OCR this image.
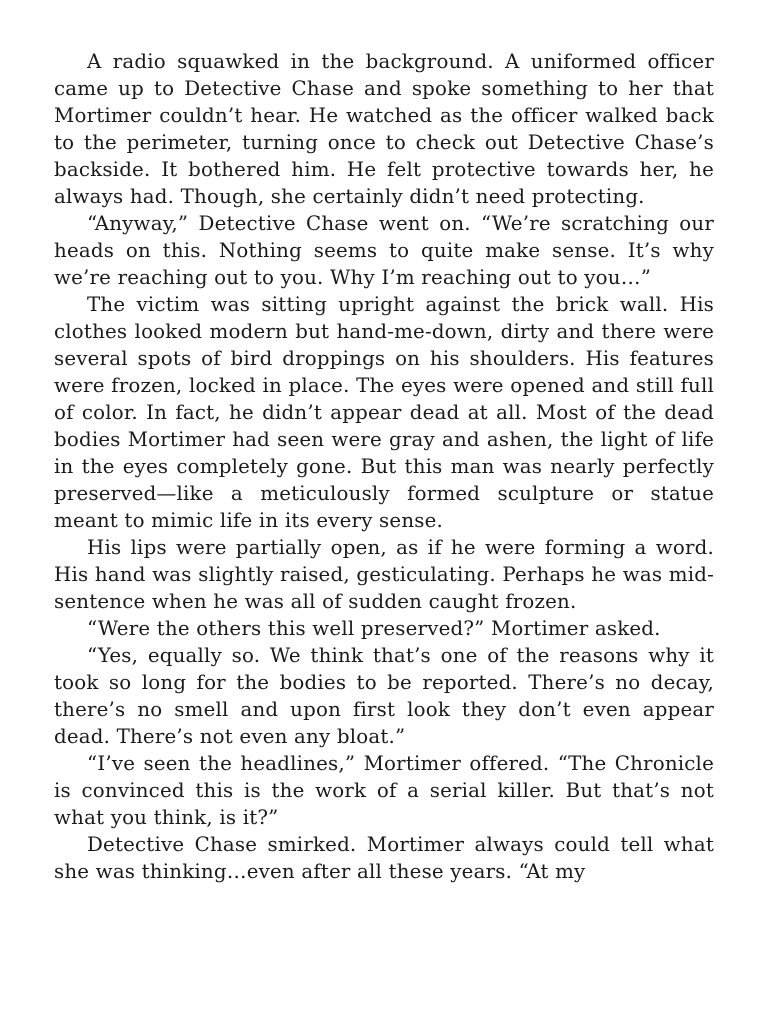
A radio squawked in the background. A uniformed officer came up to Detective Chase and spoke something to her that Mortimer couldn’t hear. He watched as the officer walked back to the perimeter, turning once to check out Detective Chase’s backside. It bothered him. He felt protective towards her, he always had. Though, she certainly didn’t need protecting.

“Anyway,” Detective Chase went on. “We’re scratching our heads on this. Nothing seems to quite make sense. It’s why we’re reaching out to you. Why I’m reaching out to you…”

The victim was sitting upright against the brick wall. His clothes looked modern but hand-me-down, dirty and there were several spots of bird droppings on his shoulders. His features were frozen, locked in place. The eyes were opened and still full of color. In fact, he didn’t appear dead at all. Most of the dead bodies Mortimer had seen were gray and ashen, the light of life in the eyes completely gone. But this man was nearly perfectly preserved—like a meticulously formed sculpture or statue meant to mimic life in its every sense.

His lips were partially open, as if he were forming a word. His hand was slightly raised, gesticulating. Perhaps he was mid-sentence when he was all of sudden caught frozen.

“Were the others this well preserved?” Mortimer asked.

“Yes, equally so. We think that’s one of the reasons why it took so long for the bodies to be reported. There’s no decay, there’s no smell and upon first look they don’t even appear dead. There’s not even any bloat.”

“I’ve seen the headlines,” Mortimer offered. “The Chronicle is convinced this is the work of a serial killer. But that’s not what you think, is it?”

Detective Chase smirked. Mortimer always could tell what she was thinking…even after all these years. “At my
